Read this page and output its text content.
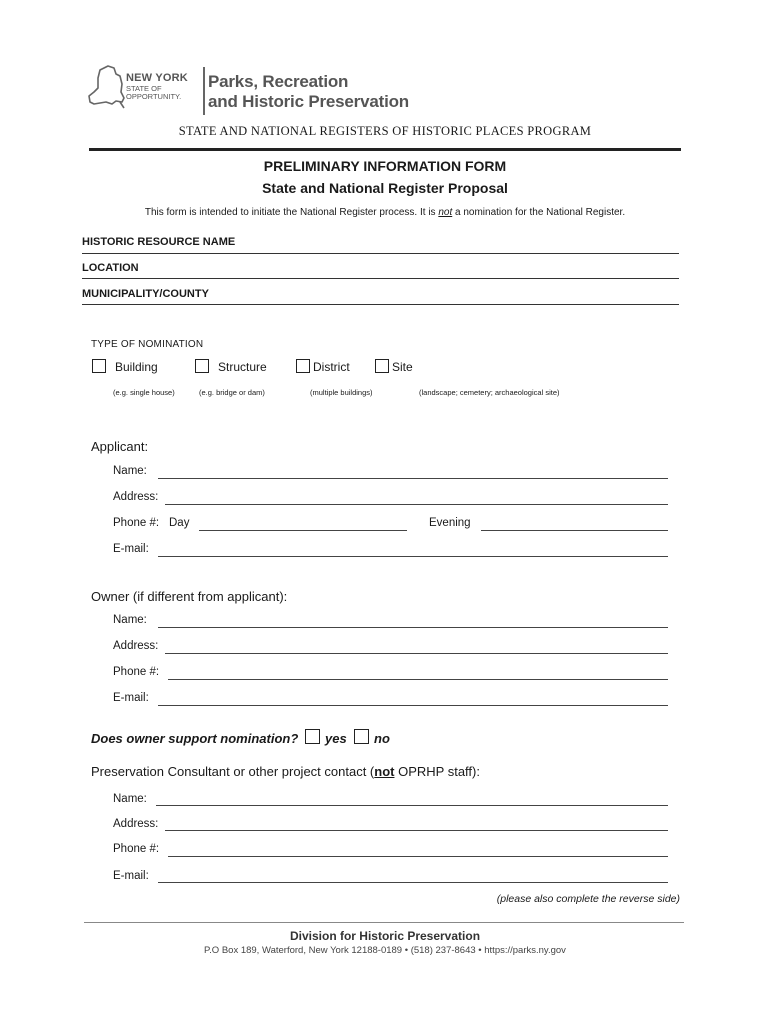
NEW YORK
STATE OF
OPPORTUNITY.
Parks, Recreation
and Historic Preservation
STATE AND NATIONAL REGISTERS OF HISTORIC PLACES PROGRAM
PRELIMINARY INFORMATION FORM
State and National Register Proposal
This form is intended to initiate the National Register process. It is not a nomination for the National Register.
HISTORIC RESOURCE NAME
LOCATION
MUNICIPALITY/COUNTY
TYPE OF NOMINATION
Building
(e.g. single house)
Structure
(e.g. bridge or dam)
District
(multiple buildings)
Site
(landscape; cemetery; archaeological site)
Applicant:
Name:
Address:
Phone #: Day	Evening
E-mail:
Owner (if different from applicant):
Name:
Address:
Phone #:
E-mail:
Does owner support nomination? yes no
Preservation Consultant or other project contact (not OPRHP staff):
Name:
Address:
Phone #:
E-mail:
(please also complete the reverse side)
Division for Historic Preservation
P.O Box 189, Waterford, New York 12188-0189 • (518) 237-8643 • https://parks.ny.gov
